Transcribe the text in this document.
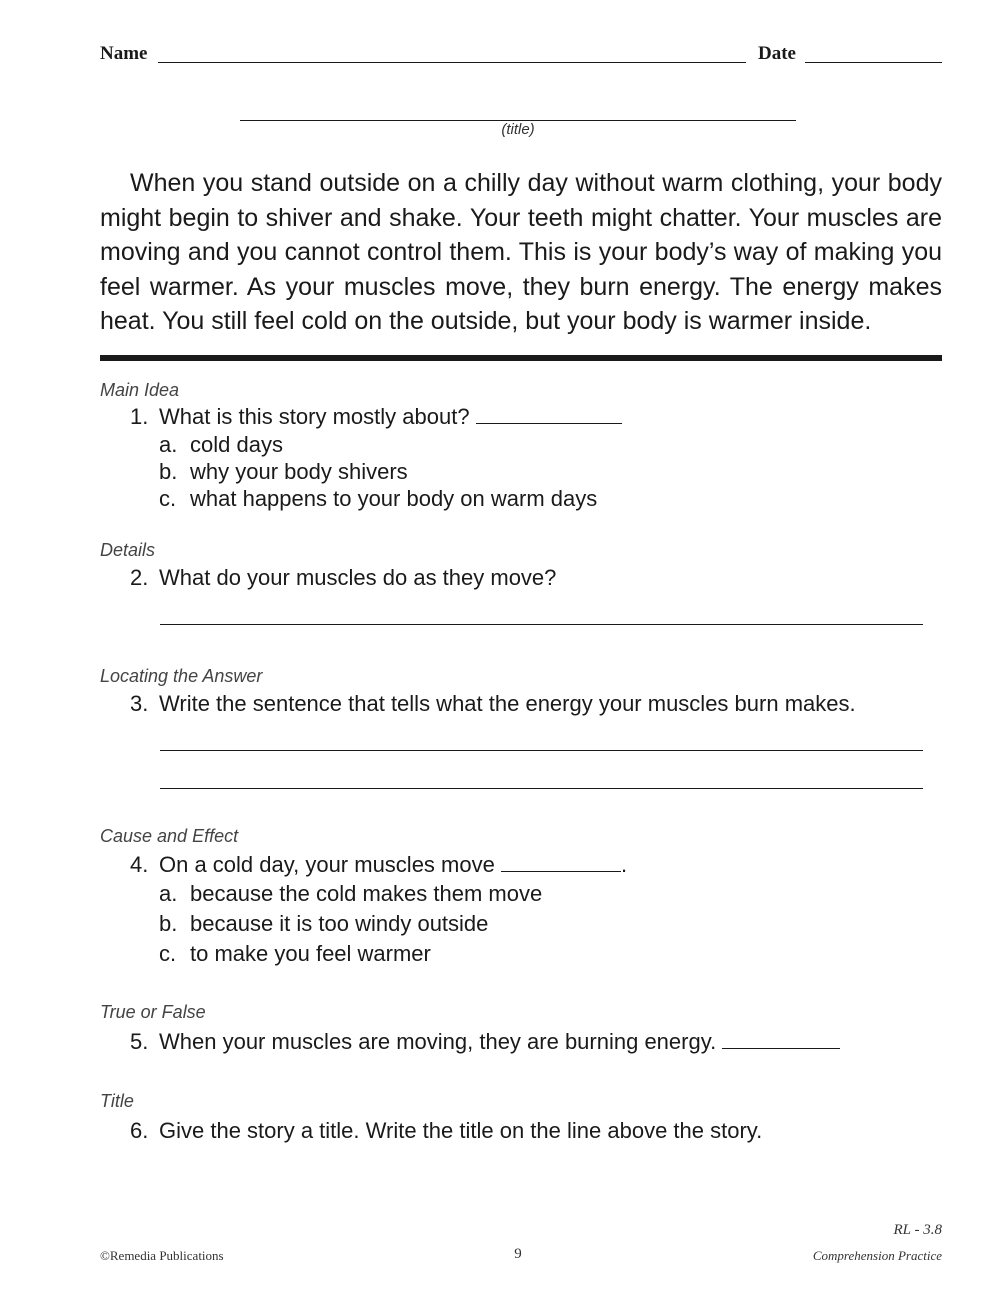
Name	Date
(title)
When you stand outside on a chilly day without warm clothing, your body might begin to shiver and shake. Your teeth might chatter. Your muscles are moving and you cannot control them. This is your body’s way of making you feel warmer. As your muscles move, they burn energy. The energy makes heat. You still feel cold on the outside, but your body is warmer inside.
Main Idea
1. What is this story mostly about?
a. cold days
b. why your body shivers
c. what happens to your body on warm days
Details
2. What do your muscles do as they move?
Locating the Answer
3. Write the sentence that tells what the energy your muscles burn makes.
Cause and Effect
4. On a cold day, your muscles move	.
a. because the cold makes them move
b. because it is too windy outside
c. to make you feel warmer
True or False
5. When your muscles are moving, they are burning energy.
Title
6. Give the story a title. Write the title on the line above the story.
RL - 3.8
©Remedia Publications	9	Comprehension Practice
